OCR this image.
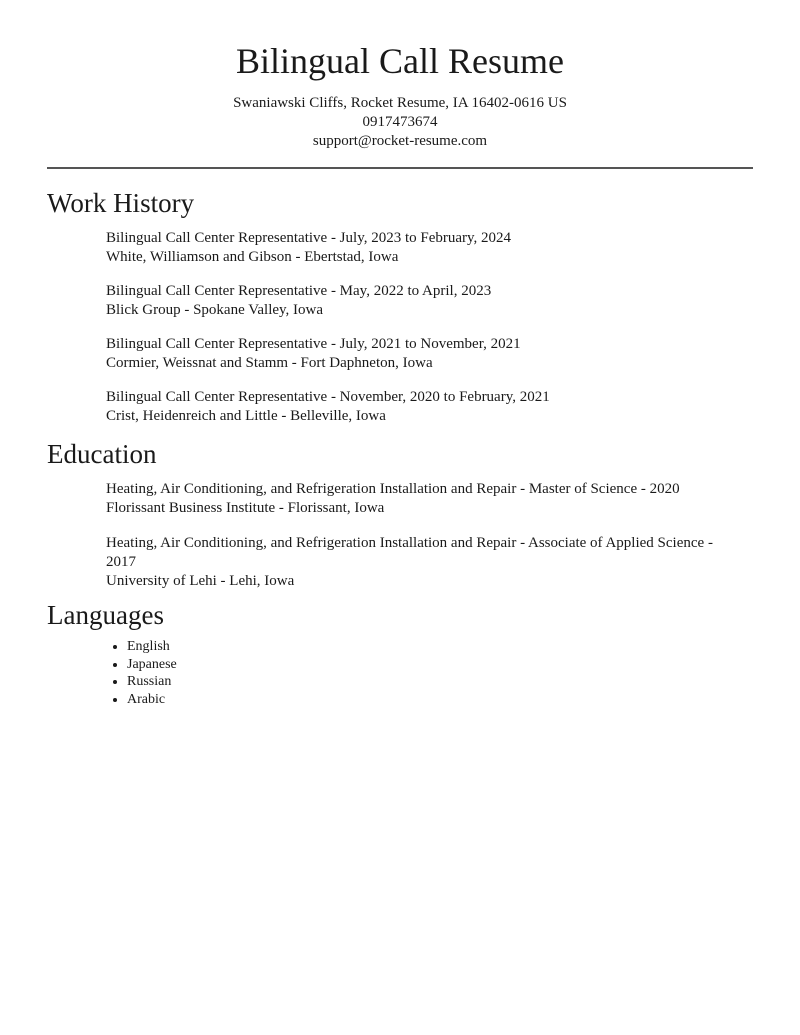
Bilingual Call Resume
Swaniawski Cliffs, Rocket Resume, IA 16402-0616 US
0917473674
support@rocket-resume.com
Work History
Bilingual Call Center Representative - July, 2023 to February, 2024
White, Williamson and Gibson - Ebertstad, Iowa
Bilingual Call Center Representative - May, 2022 to April, 2023
Blick Group - Spokane Valley, Iowa
Bilingual Call Center Representative - July, 2021 to November, 2021
Cormier, Weissnat and Stamm - Fort Daphneton, Iowa
Bilingual Call Center Representative - November, 2020 to February, 2021
Crist, Heidenreich and Little - Belleville, Iowa
Education
Heating, Air Conditioning, and Refrigeration Installation and Repair - Master of Science - 2020
Florissant Business Institute - Florissant, Iowa
Heating, Air Conditioning, and Refrigeration Installation and Repair - Associate of Applied Science - 2017
University of Lehi - Lehi, Iowa
Languages
• English
• Japanese
• Russian
• Arabic
